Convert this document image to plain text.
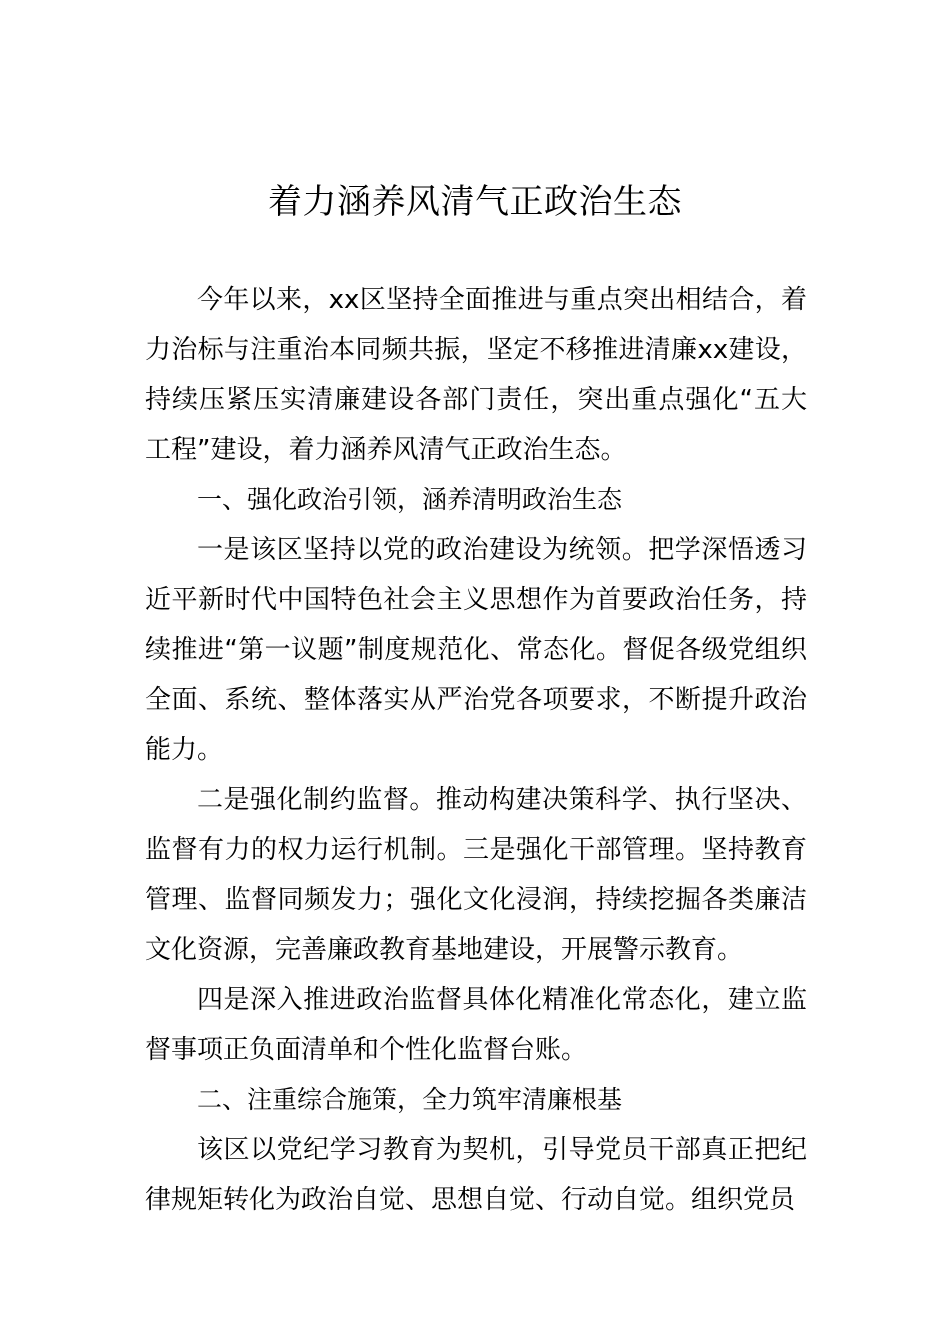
着力涵养风清气正政治生态

今年以来，xx区坚持全面推进与重点突出相结合，着力治标与注重治本同频共振，坚定不移推进清廉xx建设，持续压紧压实清廉建设各部门责任，突出重点强化“五大工程”建设，着力涵养风清气正政治生态。

一、强化政治引领，涵养清明政治生态

一是该区坚持以党的政治建设为统领。把学深悟透习近平新时代中国特色社会主义思想作为首要政治任务，持续推进“第一议题”制度规范化、常态化。督促各级党组织全面、系统、整体落实从严治党各项要求，不断提升政治能力。

二是强化制约监督。推动构建决策科学、执行坚决、监督有力的权力运行机制。三是强化干部管理。坚持教育管理、监督同频发力；强化文化浸润，持续挖掘各类廉洁文化资源，完善廉政教育基地建设，开展警示教育。

四是深入推进政治监督具体化精准化常态化，建立监督事项正负面清单和个性化监督台账。

二、注重综合施策，全力筑牢清廉根基

该区以党纪学习教育为契机，引导党员干部真正把纪律规矩转化为政治自觉、思想自觉、行动自觉。组织党员
